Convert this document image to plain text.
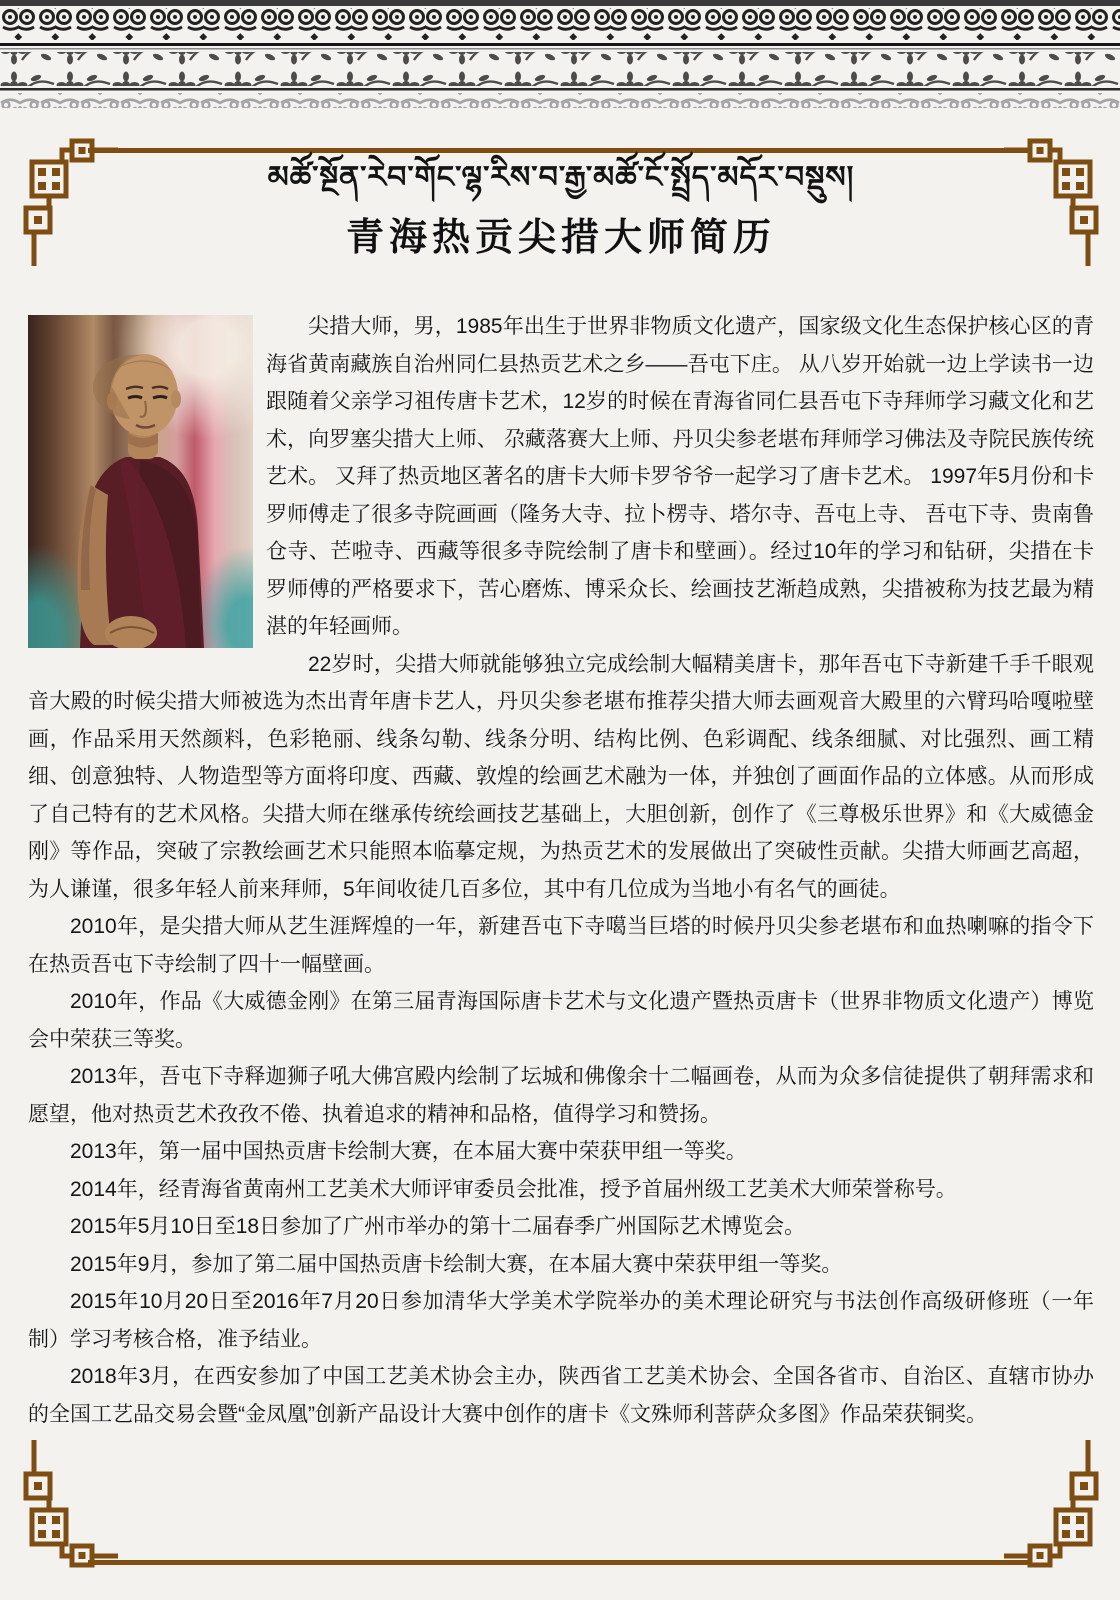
མཚོ་སྔོན་རེབ་གོང་ལྷ་རིས་བ་རྒྱ་མཚོ་ངོ་སྤྲོད་མདོར་བསྡུས།
青海热贡尖措大师简历

尖措大师，男，1985年出生于世界非物质文化遗产，国家级文化生态保护核心区的青海省黄南藏族自治州同仁县热贡艺术之乡——吾屯下庄。 从八岁开始就一边上学读书一边跟随着父亲学习祖传唐卡艺术，12岁的时候在青海省同仁县吾屯下寺拜师学习藏文化和艺术，向罗塞尖措大上师、 尕藏落赛大上师、丹贝尖参老堪布拜师学习佛法及寺院民族传统艺术。 又拜了热贡地区著名的唐卡大师卡罗爷爷一起学习了唐卡艺术。 1997年5月份和卡罗师傅走了很多寺院画画（隆务大寺、拉卜楞寺、塔尔寺、吾屯上寺、 吾屯下寺、贵南鲁仓寺、芒啦寺、西藏等很多寺院绘制了唐卡和壁画）。经过10年的学习和钻研，尖措在卡罗师傅的严格要求下，苦心磨炼、博采众长、绘画技艺渐趋成熟，尖措被称为技艺最为精湛的年轻画师。

22岁时，尖措大师就能够独立完成绘制大幅精美唐卡，那年吾屯下寺新建千手千眼观音大殿的时候尖措大师被选为杰出青年唐卡艺人，丹贝尖参老堪布推荐尖措大师去画观音大殿里的六臂玛哈嘎啦壁画，作品采用天然颜料，色彩艳丽、线条勾勒、线条分明、结构比例、色彩调配、线条细腻、对比强烈、画工精细、创意独特、人物造型等方面将印度、西藏、敦煌的绘画艺术融为一体，并独创了画面作品的立体感。从而形成了自己特有的艺术风格。尖措大师在继承传统绘画技艺基础上，大胆创新，创作了《三尊极乐世界》和《大威德金刚》等作品，突破了宗教绘画艺术只能照本临摹定规，为热贡艺术的发展做出了突破性贡献。尖措大师画艺高超，为人谦谨，很多年轻人前来拜师，5年间收徒几百多位，其中有几位成为当地小有名气的画徒。

2010年，是尖措大师从艺生涯辉煌的一年，新建吾屯下寺噶当巨塔的时候丹贝尖参老堪布和血热喇嘛的指令下在热贡吾屯下寺绘制了四十一幅壁画。

2010年，作品《大威德金刚》在第三届青海国际唐卡艺术与文化遗产暨热贡唐卡（世界非物质文化遗产）博览会中荣获三等奖。

2013年，吾屯下寺释迦狮子吼大佛宫殿内绘制了坛城和佛像余十二幅画卷，从而为众多信徒提供了朝拜需求和愿望，他对热贡艺术孜孜不倦、执着追求的精神和品格，值得学习和赞扬。

2013年，第一届中国热贡唐卡绘制大赛，在本届大赛中荣获甲组一等奖。

2014年，经青海省黄南州工艺美术大师评审委员会批准，授予首届州级工艺美术大师荣誉称号。

2015年5月10日至18日参加了广州市举办的第十二届春季广州国际艺术博览会。

2015年9月，参加了第二届中国热贡唐卡绘制大赛，在本届大赛中荣获甲组一等奖。

2015年10月20日至2016年7月20日参加清华大学美术学院举办的美术理论研究与书法创作高级研修班（一年制）学习考核合格，准予结业。

2018年3月，在西安参加了中国工艺美术协会主办，陕西省工艺美术协会、全国各省市、自治区、直辖市协办的全国工艺品交易会暨“金凤凰”创新产品设计大赛中创作的唐卡《文殊师利菩萨众多图》作品荣获铜奖。
